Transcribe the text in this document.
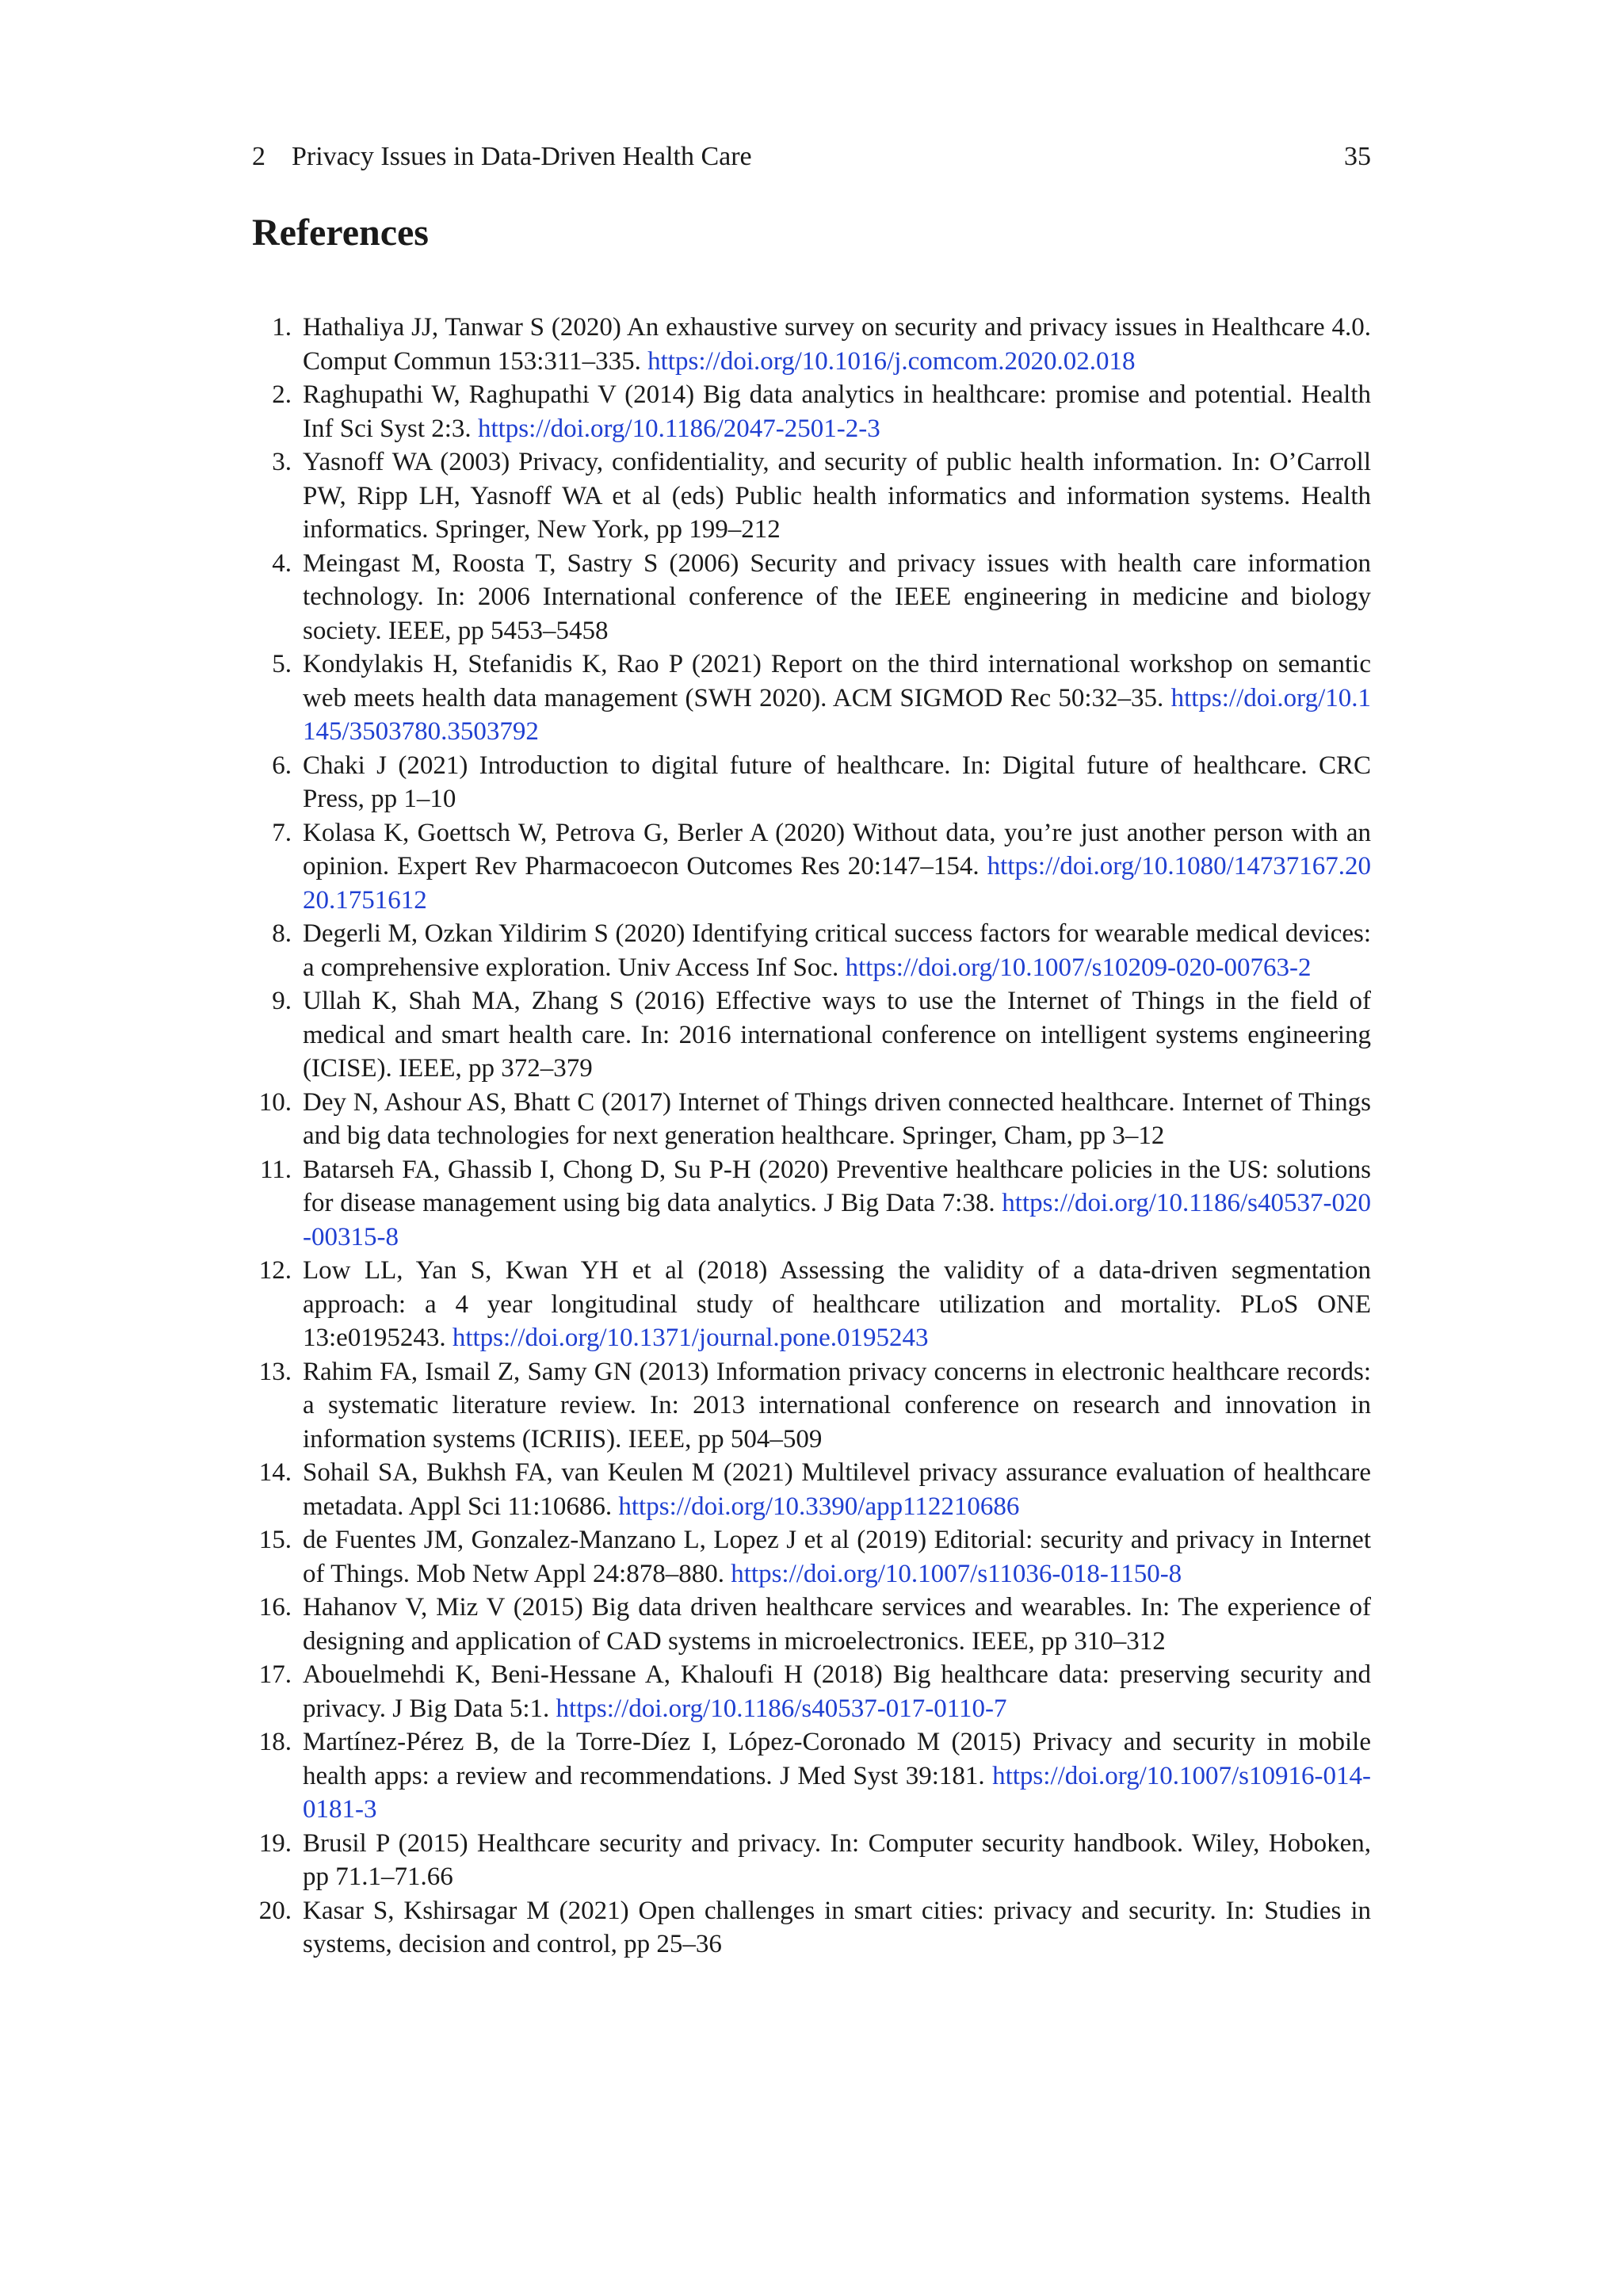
2 Privacy Issues in Data-Driven Health Care	35
References
1. Hathaliya JJ, Tanwar S (2020) An exhaustive survey on security and privacy issues in Healthcare 4.0. Comput Commun 153:311–335. https://doi.org/10.1016/j.comcom.2020.02.018
2. Raghupathi W, Raghupathi V (2014) Big data analytics in healthcare: promise and potential. Health Inf Sci Syst 2:3. https://doi.org/10.1186/2047-2501-2-3
3. Yasnoff WA (2003) Privacy, confidentiality, and security of public health information. In: O’Carroll PW, Ripp LH, Yasnoff WA et al (eds) Public health informatics and information systems. Health informatics. Springer, New York, pp 199–212
4. Meingast M, Roosta T, Sastry S (2006) Security and privacy issues with health care information technology. In: 2006 International conference of the IEEE engineering in medicine and biology society. IEEE, pp 5453–5458
5. Kondylakis H, Stefanidis K, Rao P (2021) Report on the third international workshop on semantic web meets health data management (SWH 2020). ACM SIGMOD Rec 50:32–35. https://doi.org/10.1145/3503780.3503792
6. Chaki J (2021) Introduction to digital future of healthcare. In: Digital future of healthcare. CRC Press, pp 1–10
7. Kolasa K, Goettsch W, Petrova G, Berler A (2020) Without data, you’re just another person with an opinion. Expert Rev Pharmacoecon Outcomes Res 20:147–154. https://doi.org/10.1080/14737167.2020.1751612
8. Degerli M, Ozkan Yildirim S (2020) Identifying critical success factors for wearable medical devices: a comprehensive exploration. Univ Access Inf Soc. https://doi.org/10.1007/s10209-020-00763-2
9. Ullah K, Shah MA, Zhang S (2016) Effective ways to use the Internet of Things in the field of medical and smart health care. In: 2016 international conference on intelligent systems engineering (ICISE). IEEE, pp 372–379
10. Dey N, Ashour AS, Bhatt C (2017) Internet of Things driven connected healthcare. Internet of Things and big data technologies for next generation healthcare. Springer, Cham, pp 3–12
11. Batarseh FA, Ghassib I, Chong D, Su P-H (2020) Preventive healthcare policies in the US: solutions for disease management using big data analytics. J Big Data 7:38. https://doi.org/10.1186/s40537-020-00315-8
12. Low LL, Yan S, Kwan YH et al (2018) Assessing the validity of a data-driven segmentation approach: a 4 year longitudinal study of healthcare utilization and mortality. PLoS ONE 13:e0195243. https://doi.org/10.1371/journal.pone.0195243
13. Rahim FA, Ismail Z, Samy GN (2013) Information privacy concerns in electronic healthcare records: a systematic literature review. In: 2013 international conference on research and innovation in information systems (ICRIIS). IEEE, pp 504–509
14. Sohail SA, Bukhsh FA, van Keulen M (2021) Multilevel privacy assurance evaluation of healthcare metadata. Appl Sci 11:10686. https://doi.org/10.3390/app112210686
15. de Fuentes JM, Gonzalez-Manzano L, Lopez J et al (2019) Editorial: security and privacy in Internet of Things. Mob Netw Appl 24:878–880. https://doi.org/10.1007/s11036-018-1150-8
16. Hahanov V, Miz V (2015) Big data driven healthcare services and wearables. In: The experience of designing and application of CAD systems in microelectronics. IEEE, pp 310–312
17. Abouelmehdi K, Beni-Hessane A, Khaloufi H (2018) Big healthcare data: preserving security and privacy. J Big Data 5:1. https://doi.org/10.1186/s40537-017-0110-7
18. Martínez-Pérez B, de la Torre-Díez I, López-Coronado M (2015) Privacy and security in mobile health apps: a review and recommendations. J Med Syst 39:181. https://doi.org/10.1007/s10916-014-0181-3
19. Brusil P (2015) Healthcare security and privacy. In: Computer security handbook. Wiley, Hoboken, pp 71.1–71.66
20. Kasar S, Kshirsagar M (2021) Open challenges in smart cities: privacy and security. In: Studies in systems, decision and control, pp 25–36
